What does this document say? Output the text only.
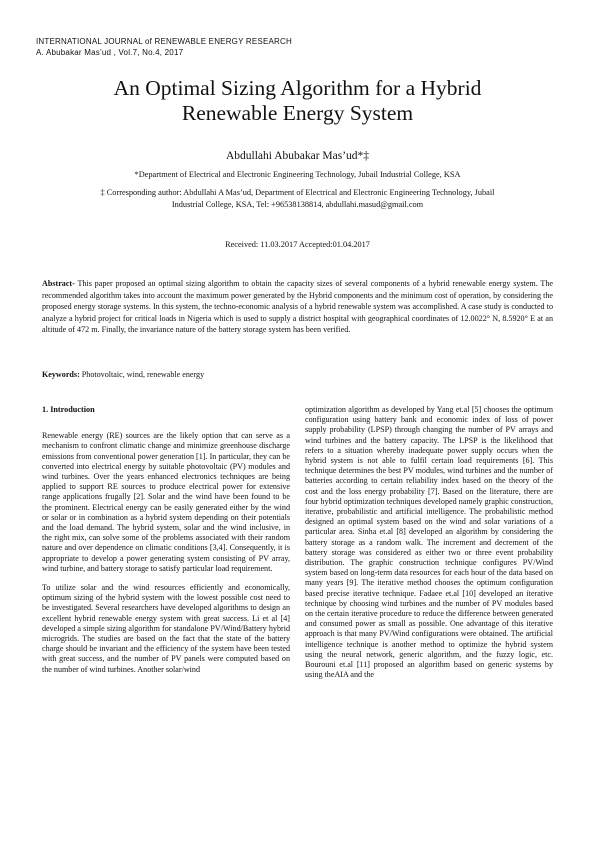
INTERNATIONAL JOURNAL of RENEWABLE ENERGY RESEARCH
A. Abubakar Mas’ud , Vol.7, No.4, 2017
An Optimal Sizing Algorithm for a Hybrid
Renewable Energy System
Abdullahi Abubakar Mas’ud*‡
*Department of Electrical and Electronic Engineering Technology, Jubail Industrial College, KSA
‡ Corresponding author: Abdullahi A Mas’ud, Department of Electrical and Electronic Engineering Technology, Jubail
Industrial College, KSA, Tel: +96538138814, abdullahi.masud@gmail.com
Received: 11.03.2017 Accepted:01.04.2017
Abstract- This paper proposed an optimal sizing algorithm to obtain the capacity sizes of several components of a hybrid renewable energy system. The recommended algorithm takes into account the maximum power generated by the Hybrid components and the minimum cost of operation, by considering the proposed energy storage systems. In this system, the techno-economic analysis of a hybrid renewable system was accomplished. A case study is conducted to analyze a hybrid project for critical loads in Nigeria which is used to supply a district hospital with geographical coordinates of 12.0022° N, 8.5920° E at an altitude of 472 m. Finally, the invariance nature of the battery storage system has been verified.
Keywords: Photovoltaic, wind, renewable energy
1. Introduction

Renewable energy (RE) sources are the likely option that can serve as a mechanism to confront climatic change and minimize greenhouse discharge emissions from conventional power generation [1]. In particular, they can be converted into electrical energy by suitable photovoltaic (PV) modules and wind turbines. Over the years enhanced electronics techniques are being applied to support RE sources to produce electrical power for extensive range applications frugally [2]. Solar and the wind have been found to be the prominent. Electrical energy can be easily generated either by the wind or solar or in combination as a hybrid system depending on their potentials and the load demand. The hybrid system, solar and the wind inclusive, in the right mix, can solve some of the problems associated with their random nature and over dependence on climatic conditions [3,4]. Consequently, it is appropriate to develop a power generating system consisting of PV array, wind turbine, and battery storage to satisfy particular load requirement.

To utilize solar and the wind resources efficiently and economically, optimum sizing of the hybrid system with the lowest possible cost need to be investigated. Several researchers have developed algorithms to design an excellent hybrid renewable energy system with great success. Li et al [4] developed a simple sizing algorithm for standalone PV/Wind/Battery hybrid microgrids. The studies are based on the fact that the state of the battery charge should be invariant and the efficiency of the system have been tested with great success, and the number of PV panels were computed based on the number of wind turbines. Another solar/wind

optimization algorithm as developed by Yang et.al [5] chooses the optimum configuration using battery bank and economic index of loss of power supply probability (LPSP) through changing the number of PV arrays and wind turbines and the battery capacity. The LPSP is the likelihood that refers to a situation whereby inadequate power supply occurs when the hybrid system is not able to fulfil certain load requirements [6]. This technique determines the best PV modules, wind turbines and the number of batteries according to certain reliability index based on the theory of the cost and the loss energy probability [7]. Based on the literature, there are four hybrid optimization techniques developed namely graphic construction, iterative, probabilistic and artificial intelligence. The probabilistic method designed an optimal system based on the wind and solar variations of a particular area. Sinha et.al [8] developed an algorithm by considering the battery storage as a random walk. The increment and decrement of the battery storage was considered as either two or three event probability distribution. The graphic construction technique configures PV/Wind system based on long-term data resources for each hour of the data based on many years [9]. The iterative method chooses the optimum configuration based precise iterative technique. Fadaee et.al [10] developed an iterative technique by choosing wind turbines and the number of PV modules based on the certain iterative procedure to reduce the difference between generated and consumed power as small as possible. One advantage of this iterative approach is that many PV/Wind configurations were obtained. The artificial intelligence technique is another method to optimize the hybrid system using the neural network, generic algorithm, and the fuzzy logic, etc. Bourouni et.al [11] proposed an algorithm based on generic systems by using theAIA and the
